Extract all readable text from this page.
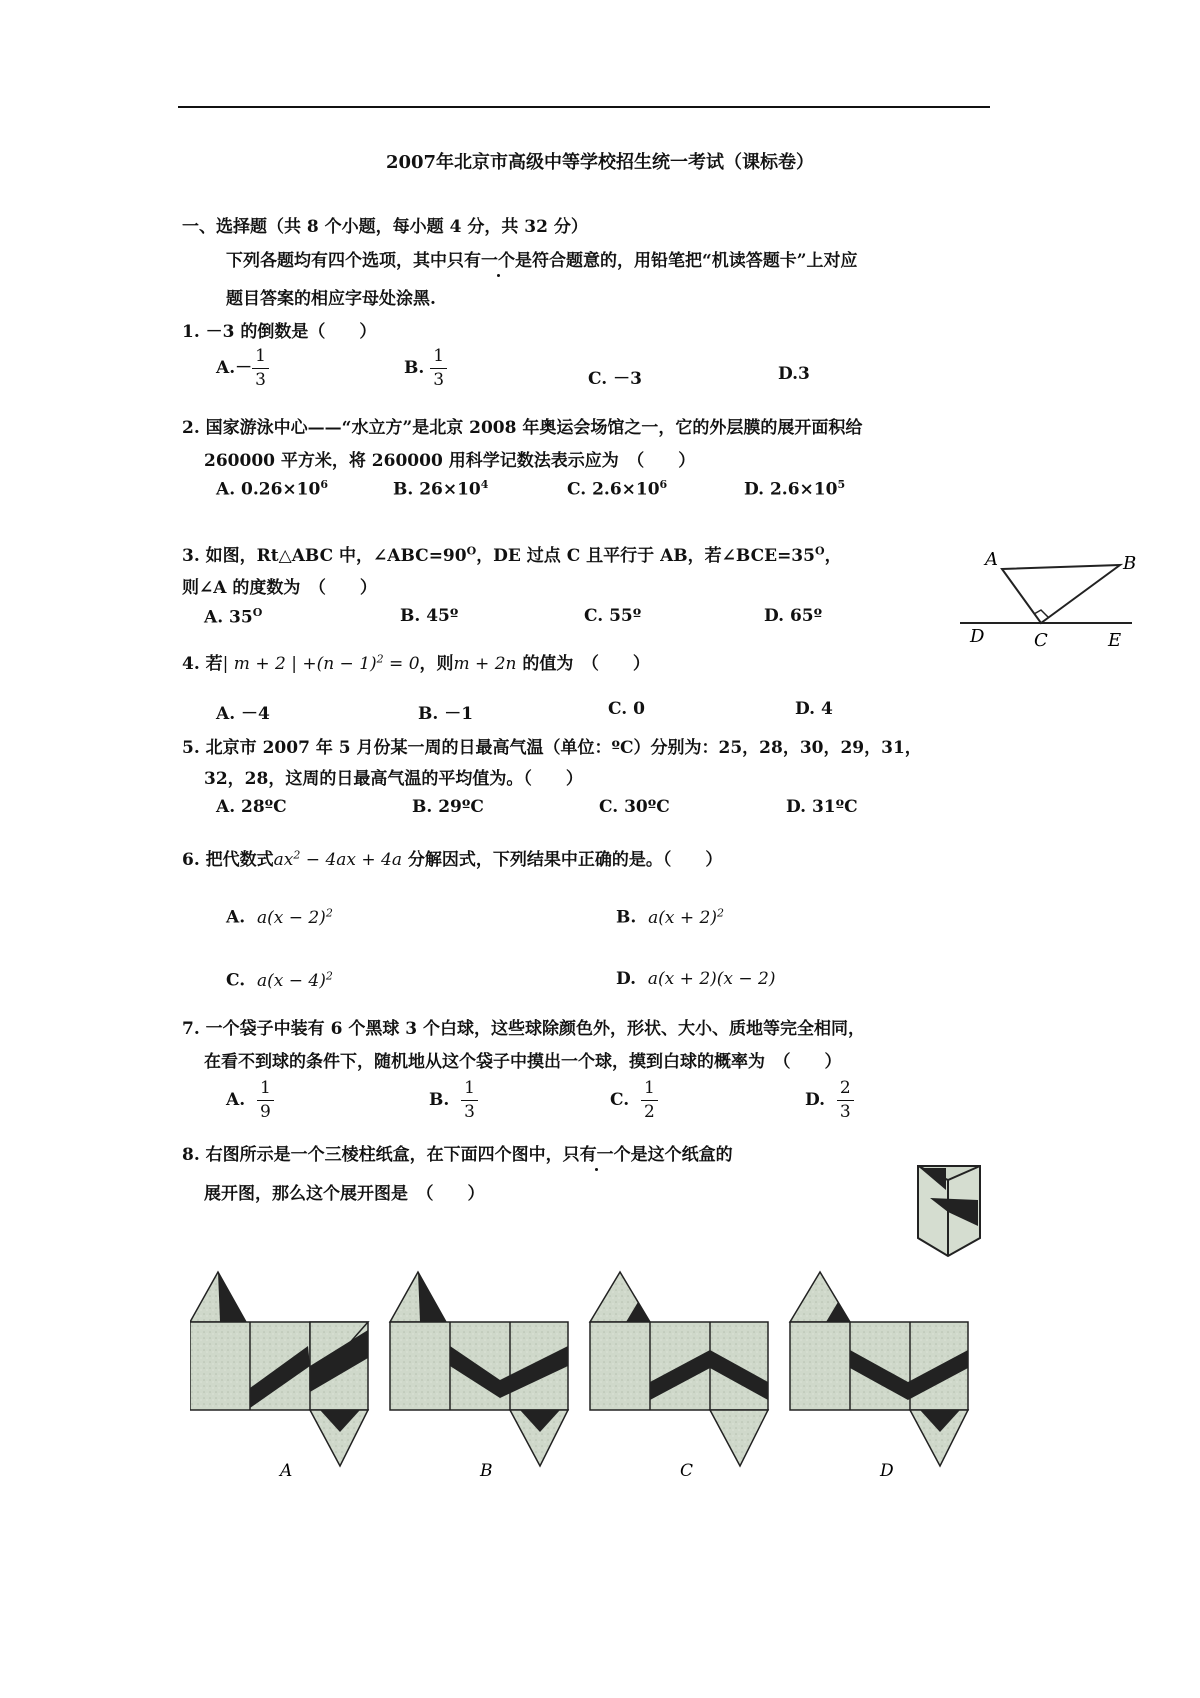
2007年北京市高级中等学校招生统一考试（课标卷）
一、选择题（共 8 个小题，每小题 4 分，共 32 分）
下列各题均有四个选项，其中只有一个是符合题意的，用铅笔把“机读答题卡”上对应
题目答案的相应字母处涂黑.
1. －3 的倒数是（　　）
$A.- \frac{1}{3}$	B. $\frac{1}{3}$	C. －3	D.3
2. 国家游泳中心——“水立方”是北京 2008 年奥运会场馆之一，它的外层膜的展开面积给
260000 平方米，将 260000 用科学记数法表示应为　（　　）
A. $0.26\times 10^6$	B. $26\times 10^4$	C. $2.6\times 10^6$	D. $2.6\times 10^5$
3. 如图，Rt△ABC 中，$\angle ABC=90^O$，DE 过点 C 且平行于 AB，若$\angle BCE=35^O$，
则∠A 的度数为　（　　）
A. $35^O$	B. 45º	C. 55º	D. 65º
A	B
C
D	E
4. 若| m + 2 | $+(n - 1)^2 = 0$，则m + 2n 的值为　（　　）
A. －4	B. －1	C. 0	D. 4
5. 北京市 2007 年 5 月份某一周的日最高气温（单位：ºC）分别为：25，28，30，29，31，
32，28，这周的日最高气温的平均值为。（　　）
A. 28ºC	B. 29ºC	C. 30ºC	D. 31ºC
6. 把代数式$ax^2 - 4ax + 4a$ 分解因式，下列结果中正确的是。（　　）
A. $a(x - 2)^2$	B. $a(x + 2)^2$
C. $a(x - 4)^2$	D. a(x + 2)(x − 2)
7. 一个袋子中装有 6 个黑球 3 个白球，这些球除颜色外，形状、大小、质地等完全相同，
在看不到球的条件下，随机地从这个袋子中摸出一个球，摸到白球的概率为　（　　）
A. $\frac{1}{9}$	B. $\frac{1}{3}$	C. $\frac{1}{2}$	D. $\frac{2}{3}$
8. 右图所示是一个三棱柱纸盒，在下面四个图中，只有一个是这个纸盒的
展开图，那么这个展开图是　（　　）
A	B	C	D
